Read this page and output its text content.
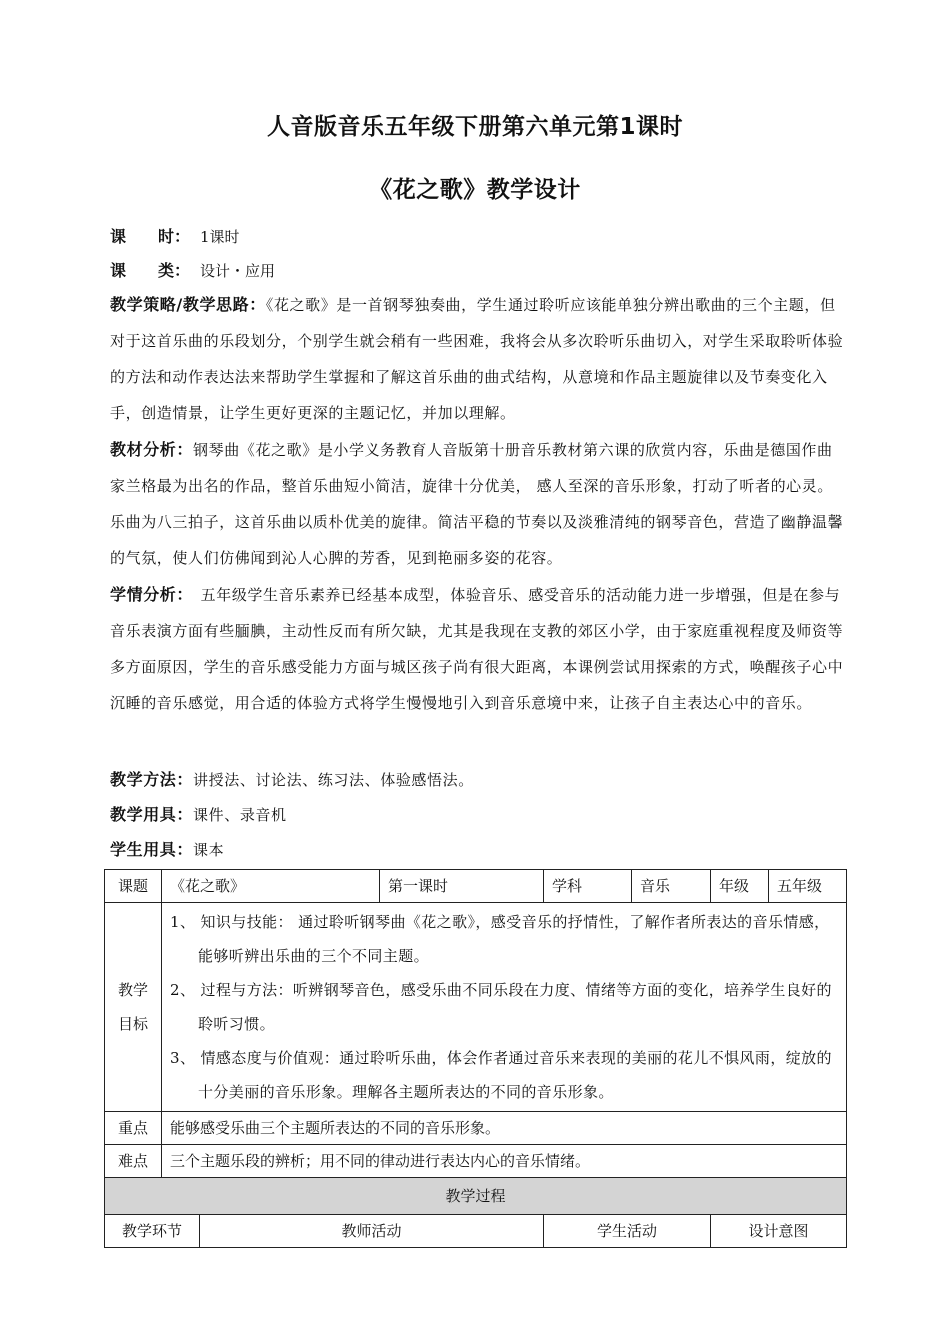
人音版音乐五年级下册第六单元第1课时
《花之歌》教学设计
课　　时： 1课时
课　　类： 设计・应用
教学策略/教学思路：《花之歌》是一首钢琴独奏曲，学生通过聆听应该能单独分辨出歌曲的三个主题，但对于这首乐曲的乐段划分，个别学生就会稍有一些困难，我将会从多次聆听乐曲切入，对学生采取聆听体验的方法和动作表达法来帮助学生掌握和了解这首乐曲的曲式结构，从意境和作品主题旋律以及节奏变化入手，创造情景，让学生更好更深的主题记忆，并加以理解。
教材分析：钢琴曲《花之歌》是小学义务教育人音版第十册音乐教材第六课的欣赏内容，乐曲是德国作曲家兰格最为出名的作品，整首乐曲短小简洁，旋律十分优美， 感人至深的音乐形象，打动了听者的心灵。乐曲为八三拍子，这首乐曲以质朴优美的旋律。简洁平稳的节奏以及淡雅清纯的钢琴音色，营造了幽静温馨的气氛，使人们仿佛闻到沁人心脾的芳香，见到艳丽多姿的花容。
学情分析：　五年级学生音乐素养已经基本成型，体验音乐、感受音乐的活动能力进一步增强，但是在参与音乐表演方面有些腼腆，主动性反而有所欠缺，尤其是我现在支教的郊区小学，由于家庭重视程度及师资等多方面原因，学生的音乐感受能力方面与城区孩子尚有很大距离，本课例尝试用探索的方式，唤醒孩子心中沉睡的音乐感觉，用合适的体验方式将学生慢慢地引入到音乐意境中来，让孩子自主表达心中的音乐。
教学方法：讲授法、讨论法、练习法、体验感悟法。
教学用具：课件、录音机
学生用具：课本
课题	《花之歌》		第一课时	学科	音乐	年级	五年级
教学目标	1、 知识与技能： 通过聆听钢琴曲《花之歌》，感受音乐的抒情性，了解作者所表达的音乐情感，能够听辨出乐曲的三个不同主题。
2、 过程与方法：听辨钢琴音色，感受乐曲不同乐段在力度、情绪等方面的变化，培养学生良好的聆听习惯。
3、 情感态度与价值观：通过聆听乐曲，体会作者通过音乐来表现的美丽的花儿不惧风雨，绽放的十分美丽的音乐形象。理解各主题所表达的不同的音乐形象。						

重点	能够感受乐曲三个主题所表达的不同的音乐形象。						
难点	三个主题乐段的辨析；用不同的律动进行表达内心的音乐情绪。						
教学过程							
教学环节		教师活动		学生活动		设计意图	
